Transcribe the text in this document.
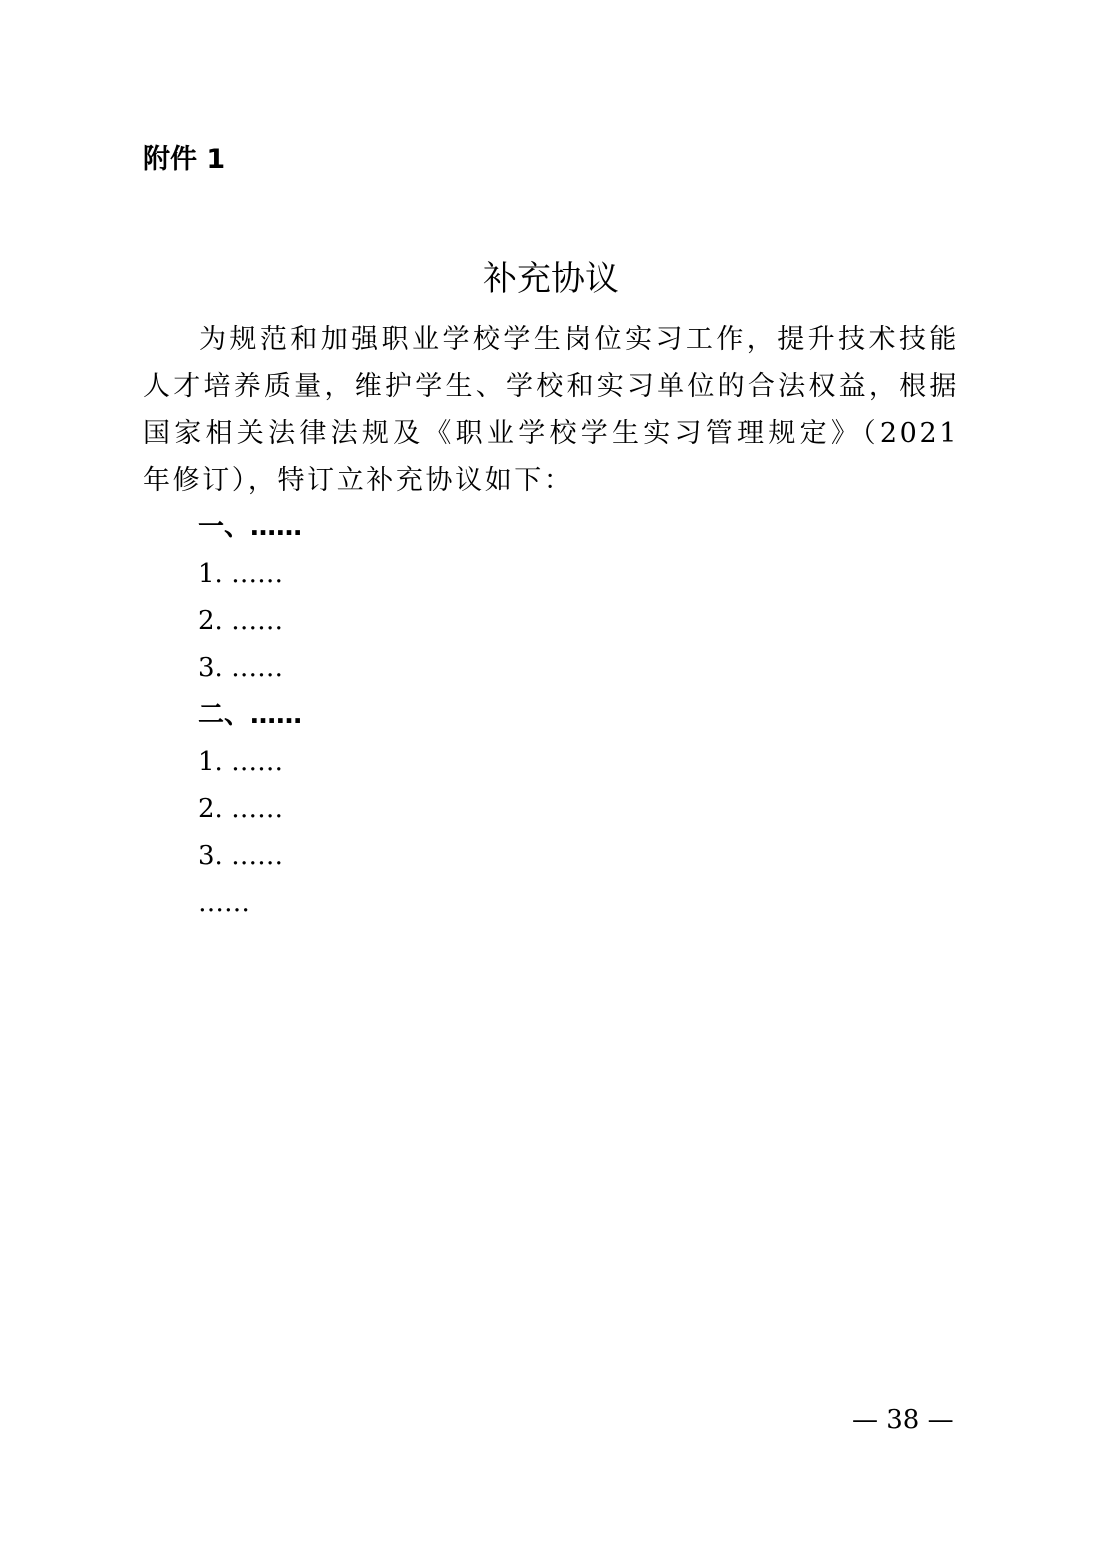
附件 1
补充协议

为规范和加强职业学校学生岗位实习工作，提升技术技能人才培养质量，维护学生、学校和实习单位的合法权益，根据国家相关法律法规及《职业学校学生实习管理规定》（2021 年修订），特订立补充协议如下：

一、……
1. ……
2. ……
3. ……
二、……
1. ……
2. ……
3. ……
……
— 38 —
